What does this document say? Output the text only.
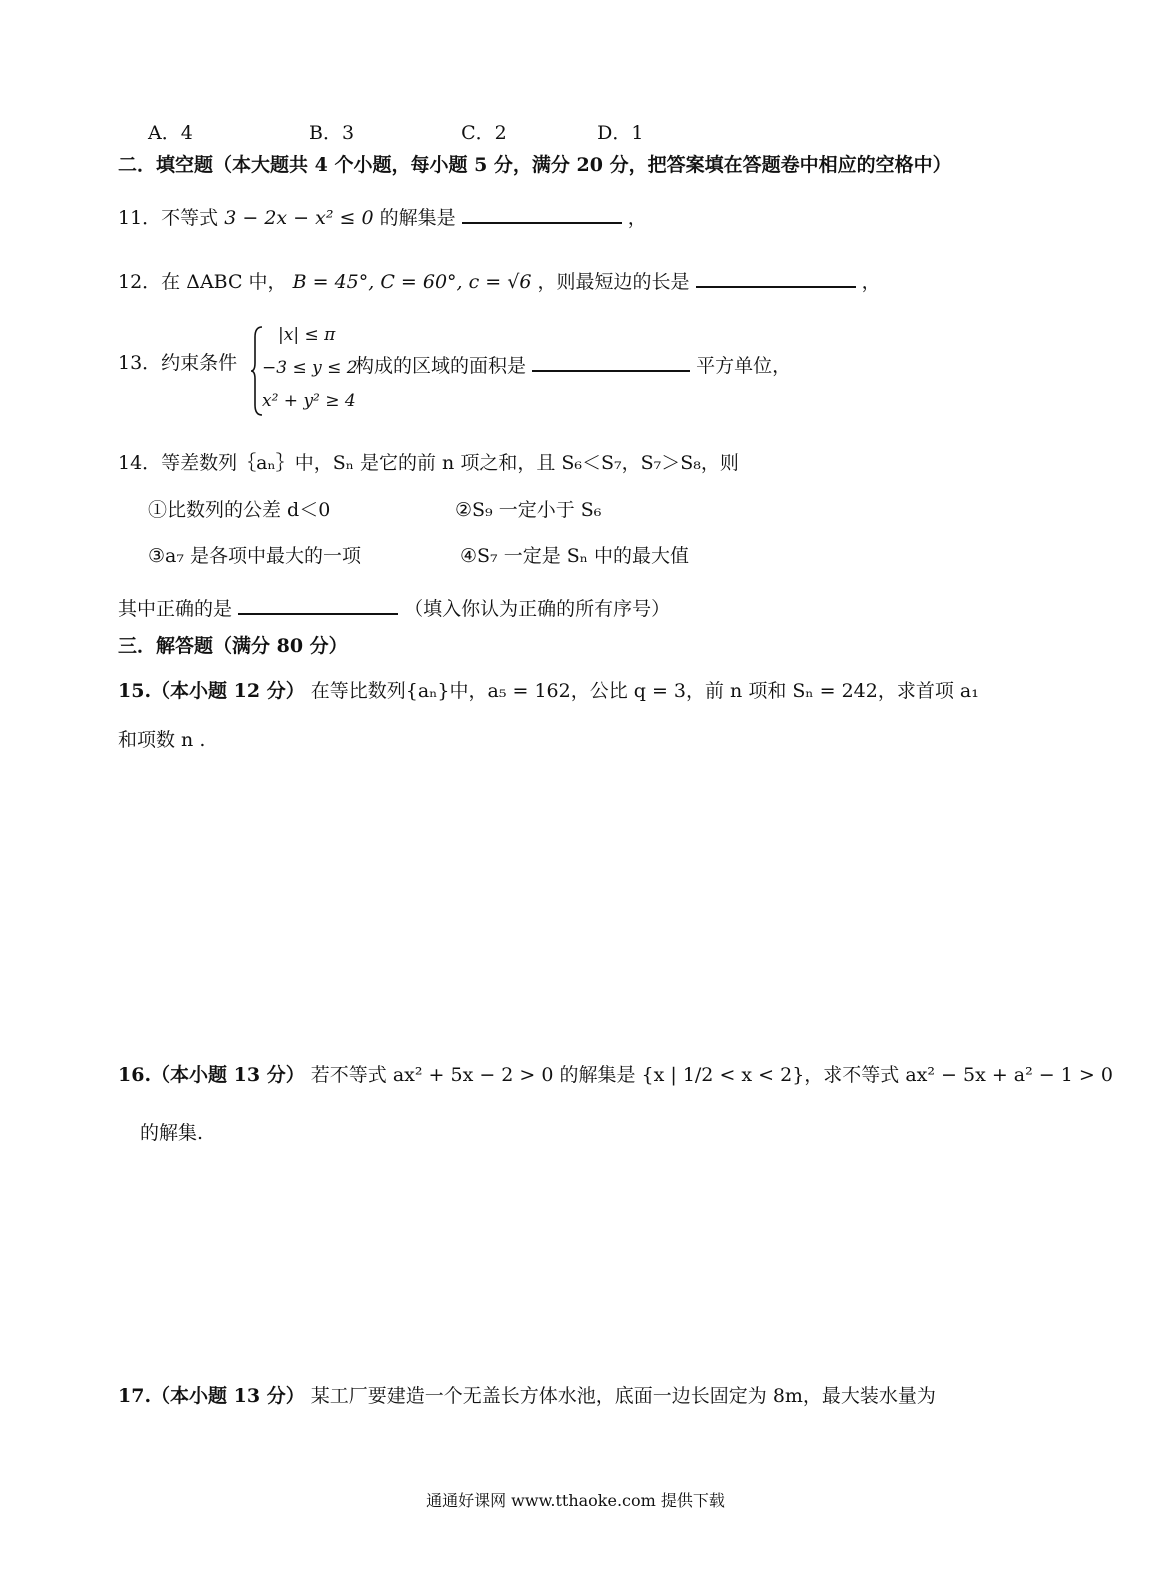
A．4	B．3	C．2	D．1
二．填空题（本大题共 4 个小题，每小题 5 分，满分 20 分，把答案填在答题卷中相应的空格中）
11．不等式 3 − 2x − x² ≤ 0 的解集是	，
12．在 ΔABC 中， B = 45°, C = 60°, c = √6 ，则最短边的长是	，
13．约束条件
|x| ≤ π
−3 ≤ y ≤ 2
x² + y² ≥ 4
构成的区域的面积是	平方单位，
14．等差数列｛aₙ｝中，Sₙ 是它的前 n 项之和，且 S₆＜S₇，S₇＞S₈，则
①比数列的公差 d＜0	②S₉ 一定小于 S₆
③a₇ 是各项中最大的一项	④S₇ 一定是 Sₙ 中的最大值
其中正确的是	（填入你认为正确的所有序号）
三．解答题（满分 80 分）
15.（本小题 12 分） 在等比数列{aₙ}中，a₅ = 162，公比 q = 3，前 n 项和 Sₙ = 242，求首项 a₁
和项数 n .
16.（本小题 13 分） 若不等式 ax² + 5x − 2 > 0 的解集是 {x | 1/2 < x < 2}，求不等式 ax² − 5x + a² − 1 > 0
的解集.
17.（本小题 13 分） 某工厂要建造一个无盖长方体水池，底面一边长固定为 8m，最大装水量为
通通好课网 www.tthaoke.com 提供下载
